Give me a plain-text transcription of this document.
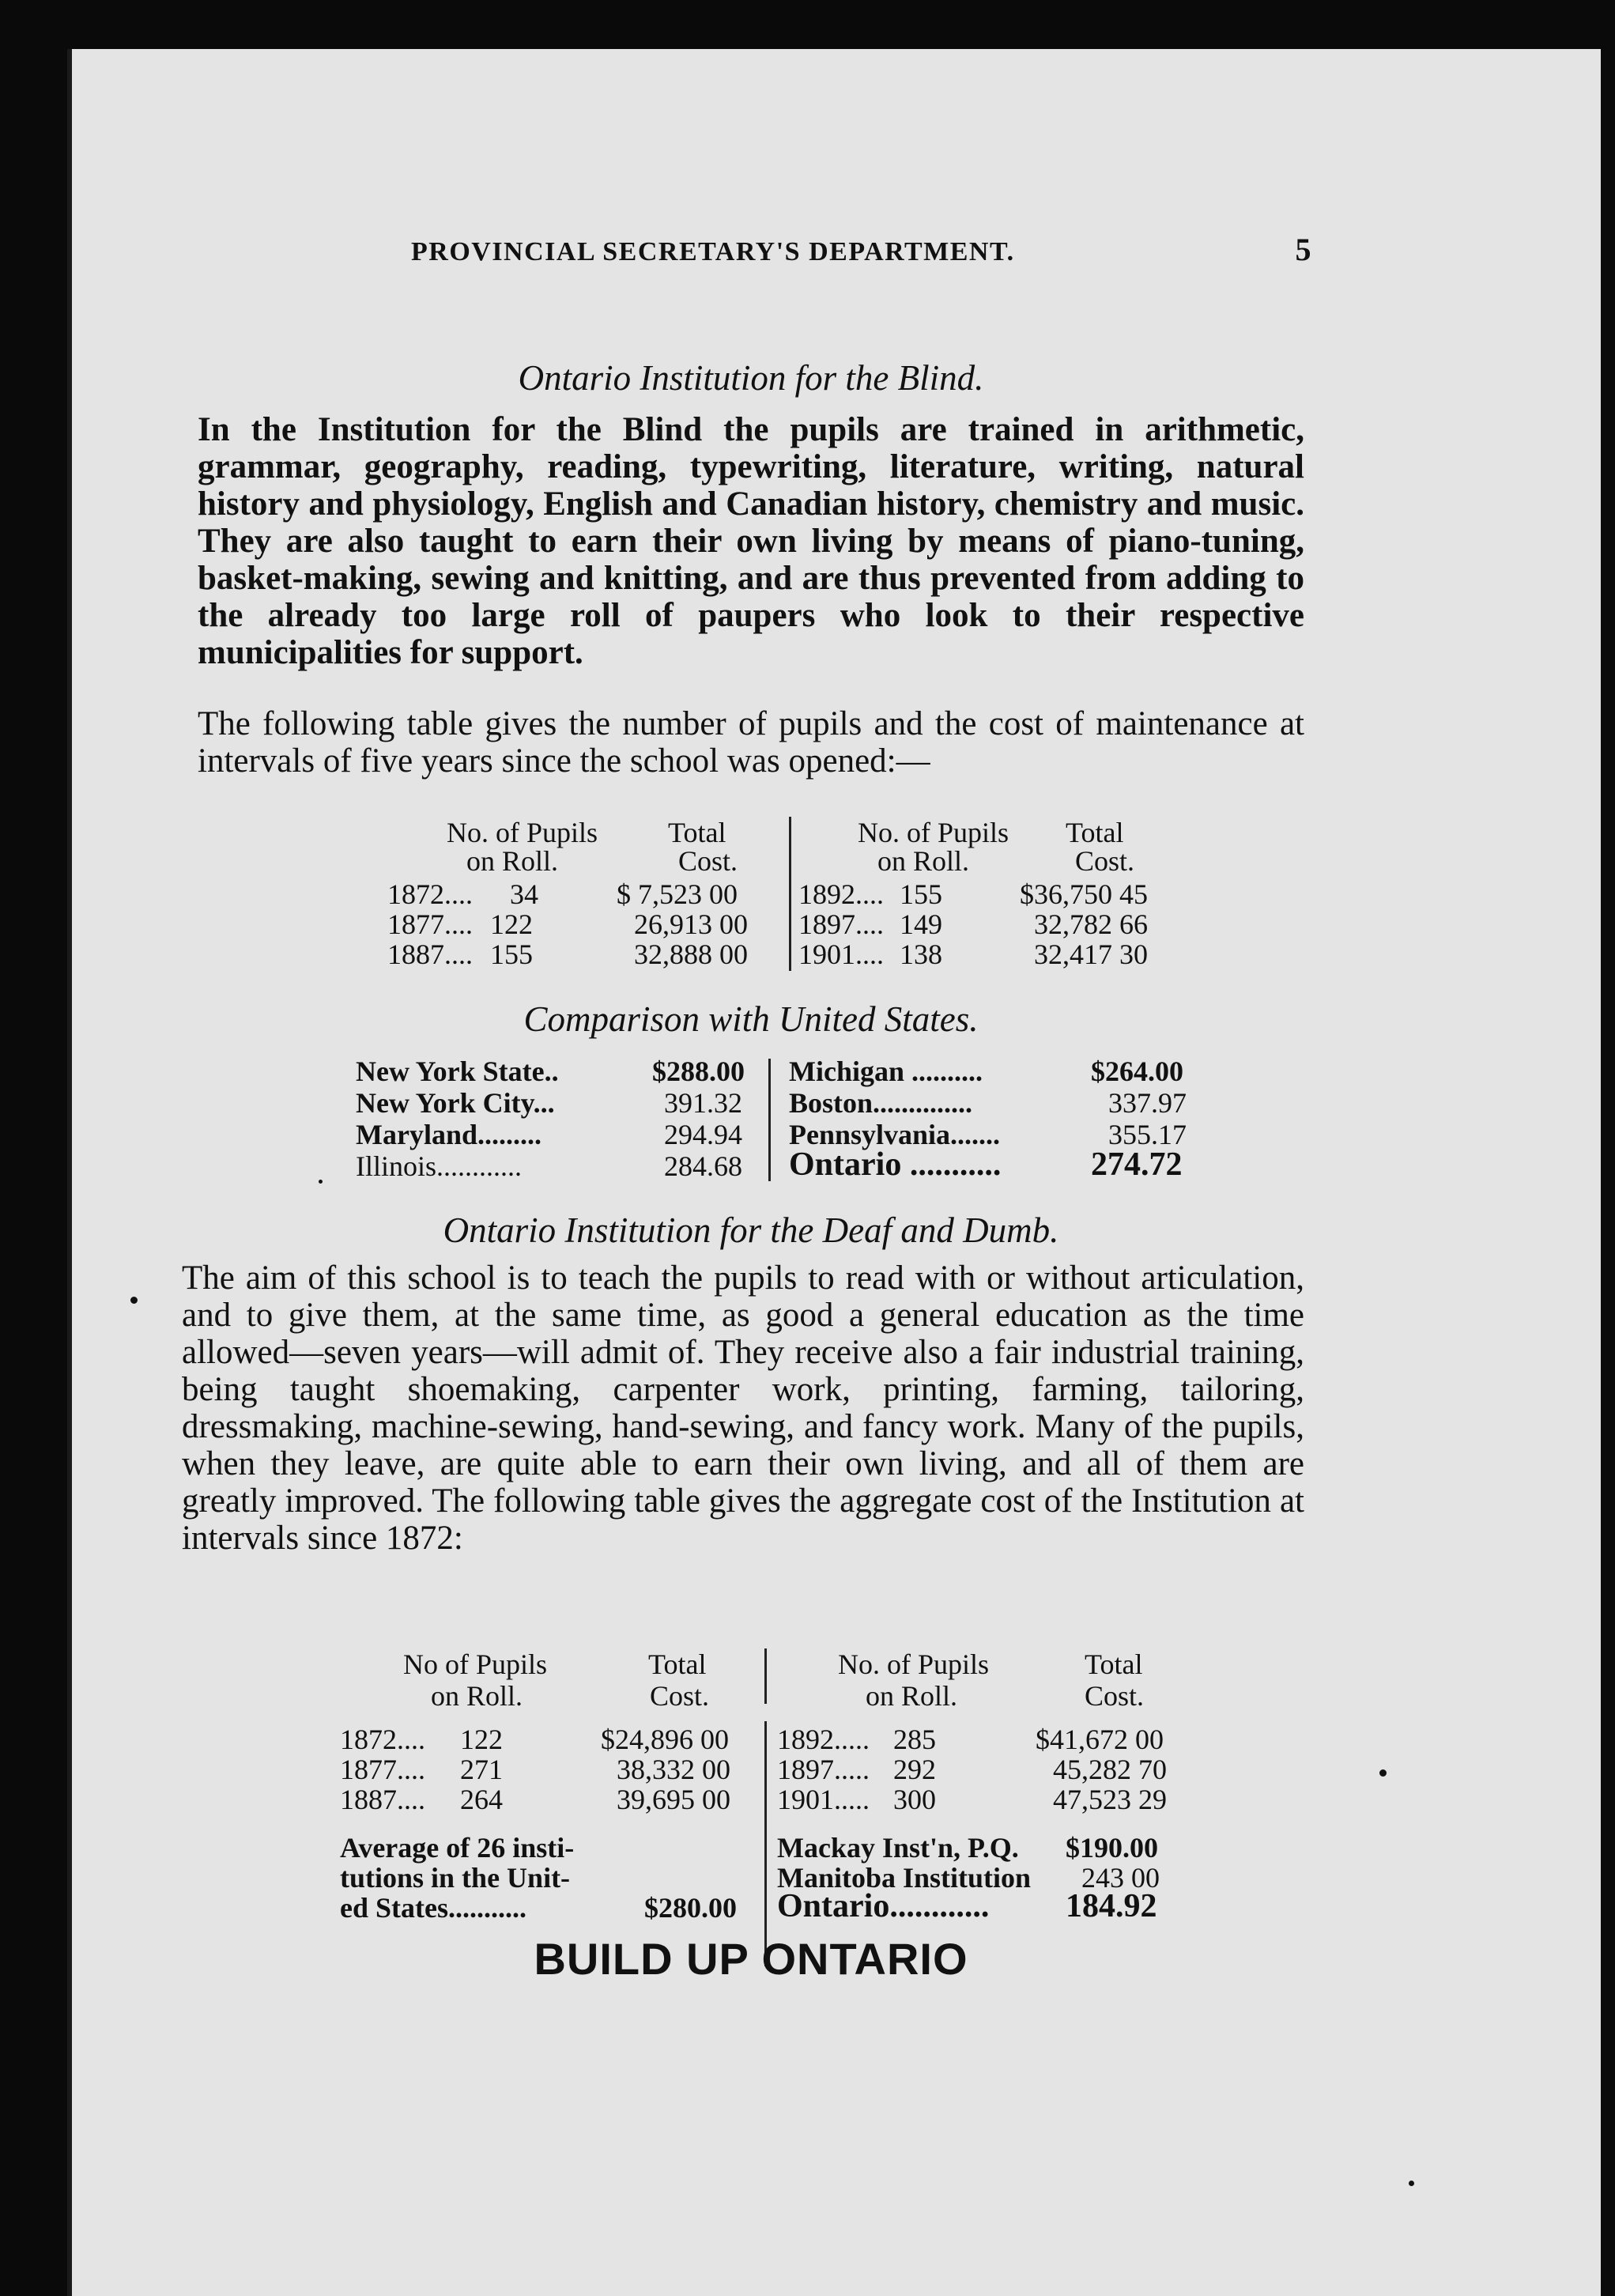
PROVINCIAL SECRETARY'S DEPARTMENT.	5
Ontario Institution for the Blind.
In the Institution for the Blind the pupils are trained in arithmetic, grammar, geography, reading, typewriting, literature, writing, natural history and physiology, English and Canadian history, chemistry and music. They are also taught to earn their own living by means of piano-tuning, basket-making, sewing and knitting, and are thus prevented from adding to the already too large roll of paupers who look to their respective municipalities for support.
The following table gives the number of pupils and the cost of maintenance at intervals of five years since the school was opened:—
No. of Pupils Total
on Roll.	Cost.
No. of Pupils Total
on Roll.	Cost.
1872.... 34	$ 7,523 00
1877.... 122	26,913 00
1887.... 155	32,888 00
1892.... 155	$36,750 45
1897.... 149	32,782 66
1901.... 138	32,417 30
Comparison with United States.
New York State..	$288.00
New York City...	391.32
Maryland.........	294.94
Illinois............	284.68
Michigan ..........	$264.00
Boston..............	337.97
Pennsylvania.......	355.17
Ontario ...........	274.72
Ontario Institution for the Deaf and Dumb.
The aim of this school is to teach the pupils to read with or without articulation, and to give them, at the same time, as good a general education as the time allowed—seven years—will admit of. They receive also a fair industrial training, being taught shoemaking, carpenter work, printing, farming, tailoring, dressmaking, machine-sewing, hand-sewing, and fancy work. Many of the pupils, when they leave, are quite able to earn their own living, and all of them are greatly improved. The following table gives the aggregate cost of the Institution at intervals since 1872:
No of Pupils	Total
on Roll.	Cost.
No. of Pupils	Total
on Roll.	Cost.
1872.... 122	$24,896 00
1877.... 271	38,332 00
1887.... 264	39,695 00
1892..... 285	$41,672 00
1897..... 292	45,282 70
1901..... 300	47,523 29
Average of 26 insti-
tutions in the Unit-
ed States...........	$280.00
Mackay Inst'n, P.Q. $190.00
Manitoba Institution 243 00
Ontario............ 184.92
BUILD UP ONTARIO
